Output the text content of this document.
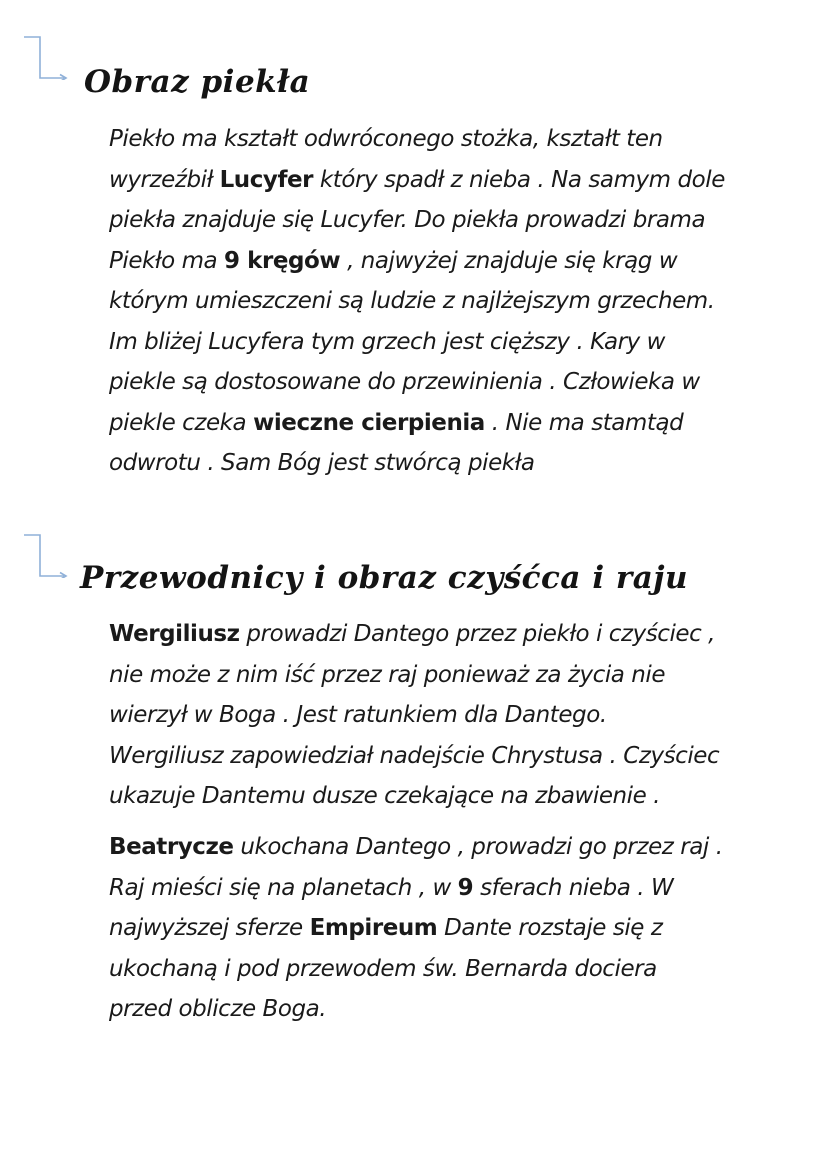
Obraz piekła

Piekło ma kształt odwróconego stożka, kształt ten
wyrzeźbił Lucyfer który spadł z nieba . Na samym dole
piekła znajduje się Lucyfer. Do piekła prowadzi brama
Piekło ma 9 kręgów , najwyżej znajduje się krąg w
którym umieszczeni są ludzie z najlżejszym grzechem.
Im bliżej Lucyfera tym grzech jest cięższy . Kary w
piekle są dostosowane do przewinienia . Człowieka w
piekle czeka wieczne cierpienia . Nie ma stamtąd
odwrotu . Sam Bóg jest stwórcą piekła

Przewodnicy i obraz czyśćca i raju

Wergiliusz prowadzi Dantego przez piekło i czyściec ,
nie może z nim iść przez raj ponieważ za życia nie
wierzył w Boga . Jest ratunkiem dla Dantego.
Wergiliusz zapowiedział nadejście Chrystusa . Czyściec
ukazuje Dantemu dusze czekające na zbawienie .

Beatrycze ukochana Dantego , prowadzi go przez raj .
Raj mieści się na planetach , w 9 sferach nieba . W
najwyższej sferze Empireum Dante rozstaje się z
ukochaną i pod przewodem św. Bernarda dociera
przed oblicze Boga.
